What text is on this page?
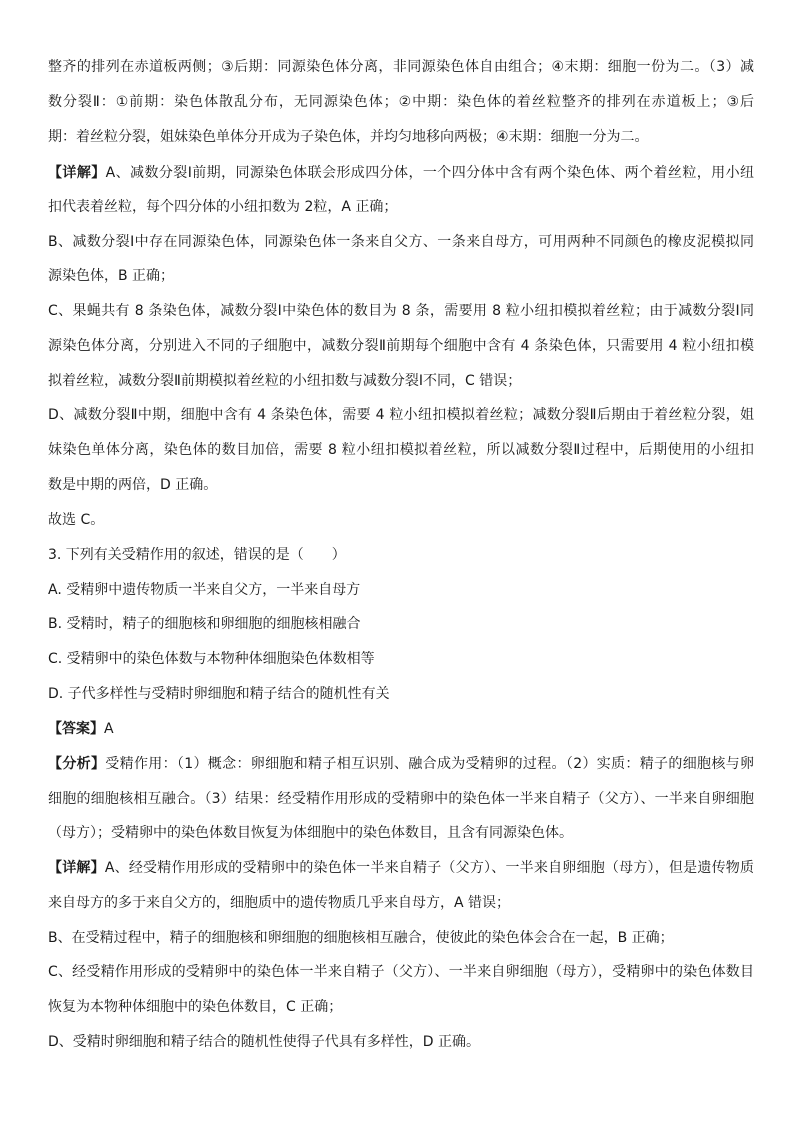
整齐的排列在赤道板两侧；③后期：同源染色体分离，非同源染色体自由组合；④末期：细胞一份为二。（3）减
数分裂Ⅱ：①前期：染色体散乱分布，无同源染色体；②中期：染色体的着丝粒整齐的排列在赤道板上；③后
期：着丝粒分裂，姐妹染色单体分开成为子染色体，并均匀地移向两极；④末期：细胞一分为二。
【详解】A、减数分裂Ⅰ前期，同源染色体联会形成四分体，一个四分体中含有两个染色体、两个着丝粒，用小纽
扣代表着丝粒，每个四分体的小纽扣数为 2粒，A 正确；
B、减数分裂Ⅰ中存在同源染色体，同源染色体一条来自父方、一条来自母方，可用两种不同颜色的橡皮泥模拟同
源染色体，B 正确；
C、果蝇共有 8 条染色体，减数分裂Ⅰ中染色体的数目为 8 条，需要用 8 粒小纽扣模拟着丝粒；由于减数分裂Ⅰ同
源染色体分离，分别进入不同的子细胞中，减数分裂Ⅱ前期每个细胞中含有 4 条染色体，只需要用 4 粒小纽扣模
拟着丝粒，减数分裂Ⅱ前期模拟着丝粒的小纽扣数与减数分裂Ⅰ不同，C 错误；
D、减数分裂Ⅱ中期，细胞中含有 4 条染色体，需要 4 粒小纽扣模拟着丝粒；减数分裂Ⅱ后期由于着丝粒分裂，姐
妹染色单体分离，染色体的数目加倍，需要 8 粒小纽扣模拟着丝粒，所以减数分裂Ⅱ过程中，后期使用的小纽扣
数是中期的两倍，D 正确。
故选 C。
3. 下列有关受精作用的叙述，错误的是（　　）
A. 受精卵中遗传物质一半来自父方，一半来自母方
B. 受精时，精子的细胞核和卵细胞的细胞核相融合
C. 受精卵中的染色体数与本物种体细胞染色体数相等
D. 子代多样性与受精时卵细胞和精子结合的随机性有关
【答案】A
【分析】受精作用：（1）概念：卵细胞和精子相互识别、融合成为受精卵的过程。（2）实质：精子的细胞核与卵
细胞的细胞核相互融合。（3）结果：经受精作用形成的受精卵中的染色体一半来自精子（父方）、一半来自卵细胞
（母方）；受精卵中的染色体数目恢复为体细胞中的染色体数目，且含有同源染色体。
【详解】A、经受精作用形成的受精卵中的染色体一半来自精子（父方）、一半来自卵细胞（母方），但是遗传物质
来自母方的多于来自父方的，细胞质中的遗传物质几乎来自母方，A 错误；
B、在受精过程中，精子的细胞核和卵细胞的细胞核相互融合，使彼此的染色体会合在一起，B 正确；
C、经受精作用形成的受精卵中的染色体一半来自精子（父方）、一半来自卵细胞（母方），受精卵中的染色体数目
恢复为本物种体细胞中的染色体数目，C 正确；
D、受精时卵细胞和精子结合的随机性使得子代具有多样性，D 正确。
